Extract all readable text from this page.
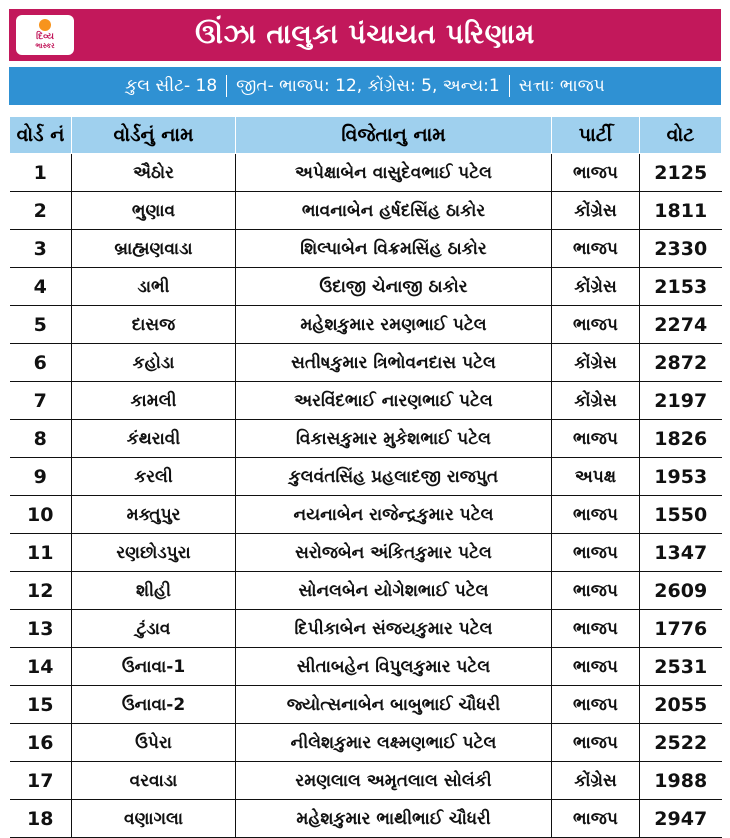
દિવ્ય
ભાસ્કર	ઊંઝા તાલુકા પંચાયત પરિણામ
કુલ સીટ- 18 જીત- ભાજપ: 12, કોંગ્રેસ: 5, અન્ય:1 સત્તાઃ ભાજપ
વોર્ડ નં	વોર્ડનું નામ	વિજેતાનુ નામ	પાર્ટી	વોટ
1	ઐઠોર	અપેક્ષાબેન વાસુદેવભાઈ પટેલ	ભાજપ	2125
2	ભુણાવ	ભાવનાબેન હર્ષદસિંહ ઠાકોર	કોંગ્રેસ	1811
3	બ્રાહ્મણવાડા	શિલ્પાબેન વિક્રમસિંહ ઠાકોર	ભાજપ	2330
4	ડાભી	ઉદાજી ચેનાજી ઠાકોર	કોંગ્રેસ	2153
5	દાસજ	મહેશકુમાર રમણભાઈ પટેલ	ભાજપ	2274
6	કહોડા	સતીષકુમાર ત્રિભોવનદાસ પટેલ	કોંગ્રેસ	2872
7	કામલી	અરવિંદભાઈ નારણભાઈ પટેલ	કોંગ્રેસ	2197
8	કંથરાવી	વિકાસકુમાર મુકેશભાઈ પટેલ	ભાજપ	1826
9	કરલી	કુલવંતસિંહ પ્રહલાદજી રાજપુત	અપક્ષ	1953
10	મક્તુપુર	નયનાબેન રાજેન્દ્રકુમાર પટેલ	ભાજપ	1550
11	રણછોડપુરા	સરોજબેન અંકિતકુમાર પટેલ	ભાજપ	1347
12	શીહી	સોનલબેન યોગેશભાઈ પટેલ	ભાજપ	2609
13	ટુંડાવ	દિપીકાબેન સંજયકુમાર પટેલ	ભાજપ	1776
14	ઉનાવા-1	સીતાબહેન વિપુલકુમાર પટેલ	ભાજપ	2531
15	ઉનાવા-2	જ્યોત્સનાબેન બાબુભાઈ ચૌધરી	ભાજપ	2055
16	ઉપેરા	નીલેશકુમાર લક્ષ્મણભાઈ પટેલ	ભાજપ	2522
17	વરવાડા	રમણલાલ અમૃતલાલ સોલંકી	કોંગ્રેસ	1988
18	વણાગલા	મહેશકુમાર ભાથીભાઈ ચૌધરી	ભાજપ	2947
